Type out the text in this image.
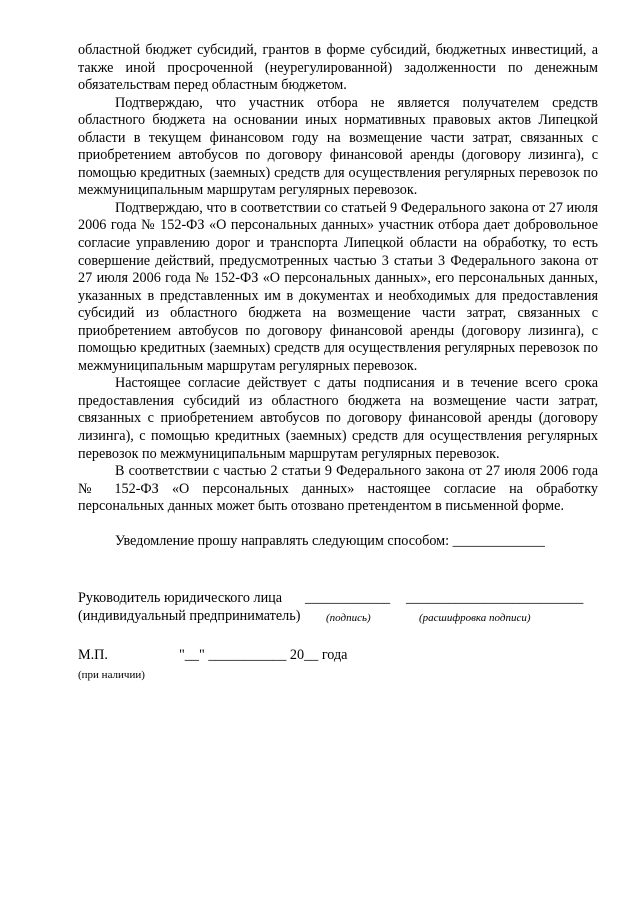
областной бюджет субсидий, грантов в форме субсидий, бюджетных инвестиций, а также иной просроченной (неурегулированной) задолженности по денежным обязательствам перед областным бюджетом.

Подтверждаю, что участник отбора не является получателем средств областного бюджета на основании иных нормативных правовых актов Липецкой области в текущем финансовом году на возмещение части затрат, связанных с приобретением автобусов по договору финансовой аренды (договору лизинга), с помощью кредитных (заемных) средств для осуществления регулярных перевозок по межмуниципальным маршрутам регулярных перевозок.

Подтверждаю, что в соответствии со статьей 9 Федерального закона от 27 июля 2006 года № 152-ФЗ «О персональных данных» участник отбора дает добровольное согласие управлению дорог и транспорта Липецкой области на обработку, то есть совершение действий, предусмотренных частью 3 статьи 3 Федерального закона от 27 июля 2006 года № 152-ФЗ «О персональных данных», его персональных данных, указанных в представленных им в документах и необходимых для предоставления субсидий из областного бюджета на возмещение части затрат, связанных с приобретением автобусов по договору финансовой аренды (договору лизинга), с помощью кредитных (заемных) средств для осуществления регулярных перевозок по межмуниципальным маршрутам регулярных перевозок.

Настоящее согласие действует с даты подписания и в течение всего срока предоставления субсидий из областного бюджета на возмещение части затрат, связанных с приобретением автобусов по договору финансовой аренды (договору лизинга), с помощью кредитных (заемных) средств для осуществления регулярных перевозок по межмуниципальным маршрутам регулярных перевозок.

В соответствии с частью 2 статьи 9 Федерального закона от 27 июля 2006 года № 152-ФЗ «О персональных данных» настоящее согласие на обработку персональных данных может быть отозвано претендентом в письменной форме.

Уведомление прошу направлять следующим способом: _____________

Руководитель юридического лица ____________ _________________________
(индивидуальный предприниматель) (подпись)	(расшифровка подписи)
М.П.	"__" ___________ 20__ года
(при наличии)
